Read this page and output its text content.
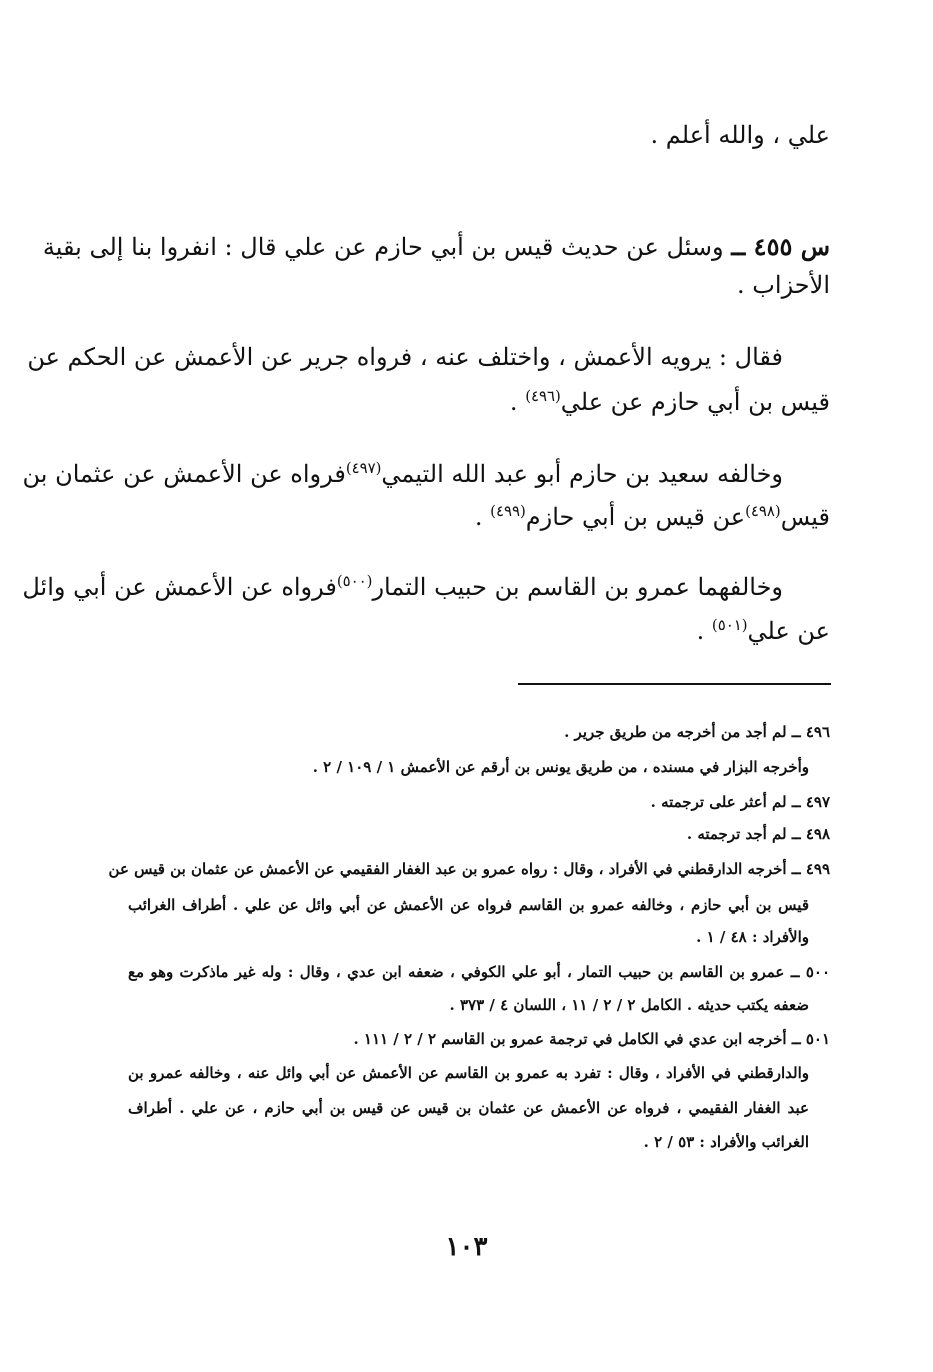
علي ، والله أعلم .
س ٤٥٥ ــ وسئل عن حديث قيس بن أبي حازم عن علي قال : انفروا بنا إلى بقية
الأحزاب .
فقال : يرويه الأعمش ، واختلف عنه ، فرواه جرير عن الأعمش عن الحكم عن
قيس بن أبي حازم عن علي$^{(٤٩٦)}$ .
وخالفه سعيد بن حازم أبو عبد الله التيمي$^{(٤٩٧)}$فرواه عن الأعمش عن عثمان بن
قيس$^{(٤٩٨)}$عن قيس بن أبي حازم$^{(٤٩٩)}$ .
وخالفهما عمرو بن القاسم بن حبيب التمار$^{(٥٠٠)}$فرواه عن الأعمش عن أبي وائل
عن علي$^{(٥٠١)}$ .
٤٩٦ ــ لم أجد من أخرجه من طريق جرير .
وأخرجه البزار في مسنده ، من طريق يونس بن أرقم عن الأعمش ١ / ١٠٩ / ٢ .
٤٩٧ ــ لم أعثر على ترجمته .
٤٩٨ ــ لم أجد ترجمته .
٤٩٩ ــ أخرجه الدارقطني في الأفراد ، وقال : رواه عمرو بن عبد الغفار الفقيمي عن الأعمش عن عثمان بن قيس عن
قيس بن أبي حازم ، وخالفه عمرو بن القاسم فرواه عن الأعمش عن أبي وائل عن علي . أطراف الغرائب
والأفراد : ٤٨ / ١ .
٥٠٠ ــ عمرو بن القاسم بن حبيب التمار ، أبو علي الكوفي ، ضعفه ابن عدي ، وقال : وله غير ماذكرت وهو مع
ضعفه يكتب حديثه . الكامل ٢ / ٢ / ١١ ، اللسان ٤ / ٣٧٣ .
٥٠١ ــ أخرجه ابن عدي في الكامل في ترجمة عمرو بن القاسم ٢ / ٢ / ١١١ .
والدارقطني في الأفراد ، وقال : تفرد به عمرو بن القاسم عن الأعمش عن أبي وائل عنه ، وخالفه عمرو بن
عبد الغفار الفقيمي ، فرواه عن الأعمش عن عثمان بن قيس عن قيس بن أبي حازم ، عن علي . أطراف
الغرائب والأفراد : ٥٣ / ٢ .
١٠٣
